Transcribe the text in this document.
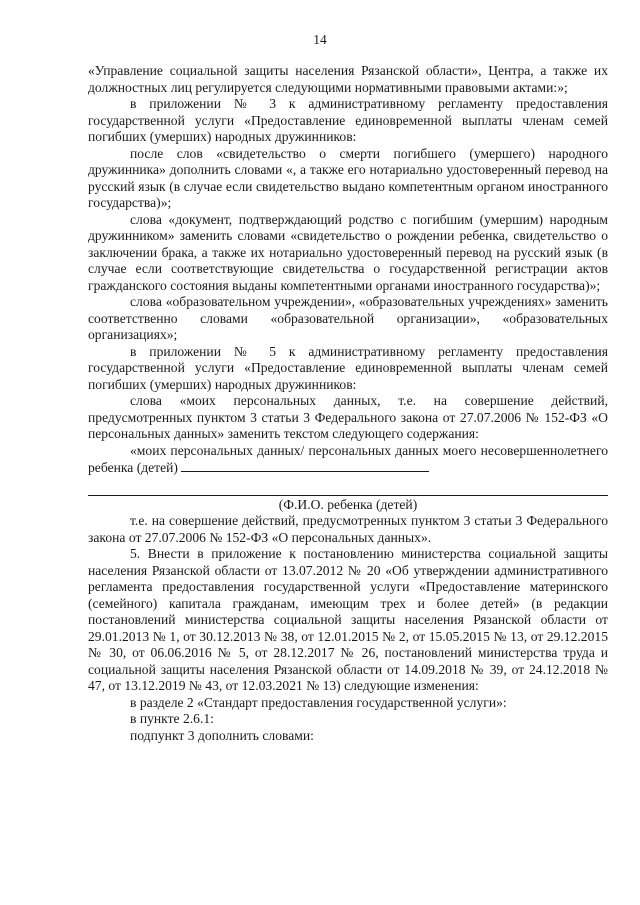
14

«Управление социальной защиты населения Рязанской области», Центра, а также их должностных лиц регулируется следующими нормативными правовыми актами:»;

в приложении № 3 к административному регламенту предоставления государственной услуги «Предоставление единовременной выплаты членам семей погибших (умерших) народных дружинников:

после слов «свидетельство о смерти погибшего (умершего) народного дружинника» дополнить словами «, а также его нотариально удостоверенный перевод на русский язык (в случае если свидетельство выдано компетентным органом иностранного государства)»;

слова «документ, подтверждающий родство с погибшим (умершим) народным дружинником» заменить словами «свидетельство о рождении ребенка, свидетельство о заключении брака, а также их нотариально удостоверенный перевод на русский язык (в случае если соответствующие свидетельства о государственной регистрации актов гражданского состояния выданы компетентными органами иностранного государства)»;

слова «образовательном учреждении», «образовательных учреждениях» заменить соответственно словами «образовательной организации», «образовательных организациях»;

в приложении № 5 к административному регламенту предоставления государственной услуги «Предоставление единовременной выплаты членам семей погибших (умерших) народных дружинников:

слова «моих персональных данных, т.е. на совершение действий, предусмотренных пунктом 3 статьи 3 Федерального закона от 27.07.2006 № 152-ФЗ «О персональных данных» заменить текстом следующего содержания:

«моих персональных данных/ персональных данных моего несовершеннолетнего ребенка (детей)

(Ф.И.О. ребенка (детей)

т.е. на совершение действий, предусмотренных пунктом 3 статьи 3 Федерального закона от 27.07.2006 № 152-ФЗ «О персональных данных».

5. Внести в приложение к постановлению министерства социальной защиты населения Рязанской области от 13.07.2012 № 20 «Об утверждении административного регламента предоставления государственной услуги «Предоставление материнского (семейного) капитала гражданам, имеющим трех и более детей» (в редакции постановлений министерства социальной защиты населения Рязанской области от 29.01.2013 № 1, от 30.12.2013 № 38, от 12.01.2015 № 2, от 15.05.2015 № 13, от 29.12.2015 № 30, от 06.06.2016 № 5, от 28.12.2017 № 26, постановлений министерства труда и социальной защиты населения Рязанской области от 14.09.2018 № 39, от 24.12.2018 № 47, от 13.12.2019 № 43, от 12.03.2021 № 13) следующие изменения:

в разделе 2 «Стандарт предоставления государственной услуги»:

в пункте 2.6.1:

подпункт 3 дополнить словами:
